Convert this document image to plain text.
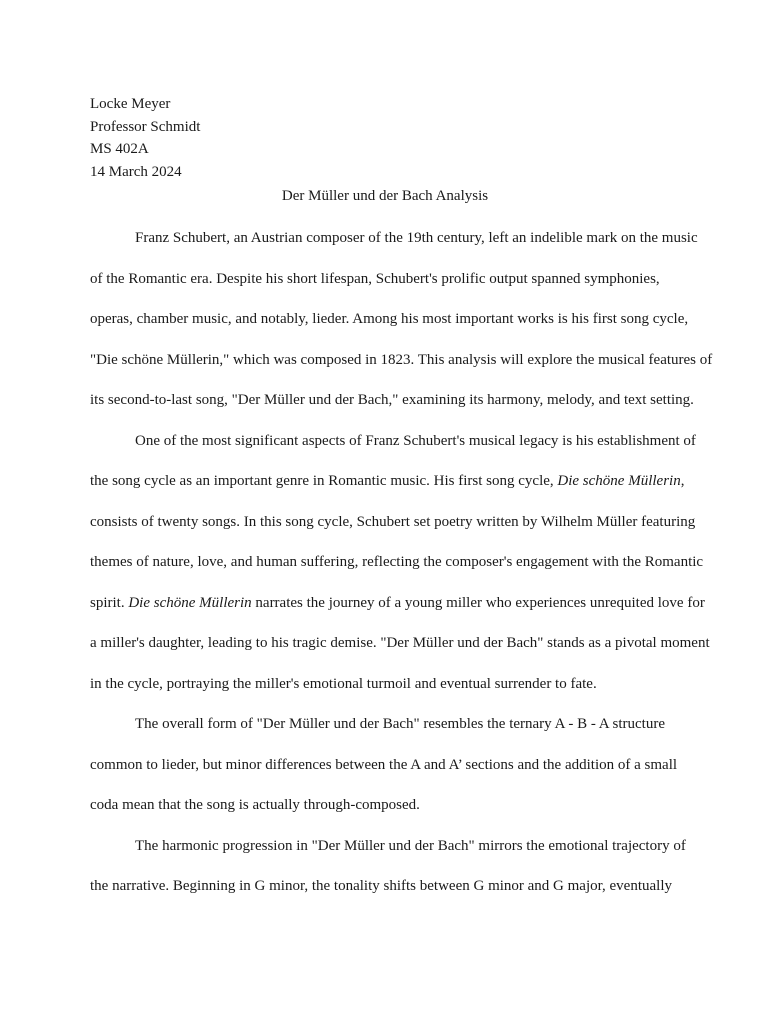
Locke Meyer
Professor Schmidt
MS 402A
14 March 2024
Der Müller und der Bach Analysis
Franz Schubert, an Austrian composer of the 19th century, left an indelible mark on the music
of the Romantic era. Despite his short lifespan, Schubert's prolific output spanned symphonies,
operas, chamber music, and notably, lieder. Among his most important works is his first song cycle,
"Die schöne Müllerin," which was composed in 1823. This analysis will explore the musical features of
its second-to-last song, "Der Müller und der Bach," examining its harmony, melody, and text setting.
One of the most significant aspects of Franz Schubert's musical legacy is his establishment of
the song cycle as an important genre in Romantic music. His first song cycle, Die schöne Müllerin,
consists of twenty songs. In this song cycle, Schubert set poetry written by Wilhelm Müller featuring
themes of nature, love, and human suffering, reflecting the composer's engagement with the Romantic
spirit. Die schöne Müllerin narrates the journey of a young miller who experiences unrequited love for
a miller's daughter, leading to his tragic demise. "Der Müller und der Bach" stands as a pivotal moment
in the cycle, portraying the miller's emotional turmoil and eventual surrender to fate.
The overall form of "Der Müller und der Bach" resembles the ternary A - B - A structure
common to lieder, but minor differences between the A and A’ sections and the addition of a small
coda mean that the song is actually through-composed.
The harmonic progression in "Der Müller und der Bach" mirrors the emotional trajectory of
the narrative. Beginning in G minor, the tonality shifts between G minor and G major, eventually
